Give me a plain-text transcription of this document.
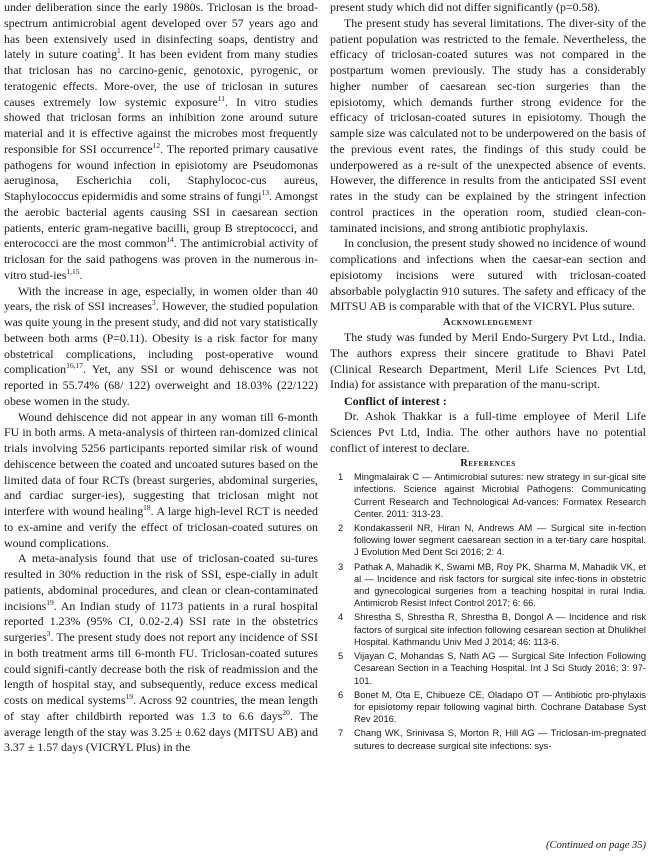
under deliberation since the early 1980s. Triclosan is the broad-spectrum antimicrobial agent developed over 57 years ago and has been extensively used in disinfecting soaps, dentistry and lately in suture coating$^1$. It has been evident from many studies that triclosan has no carcino-genic, genotoxic, pyrogenic, or teratogenic effects. More-over, the use of triclosan in sutures causes extremely low systemic exposure$^{11}$. In vitro studies showed that triclosan forms an inhibition zone around suture material and it is effective against the microbes most frequently responsible for SSI occurrence$^{12}$. The reported primary causative pathogens for wound infection in episiotomy are Pseudomonas aeruginosa, Escherichia coli, Staphylococ-cus aureus, Staphylococcus epidermidis and some strains of fungi$^{13}$. Amongst the aerobic bacterial agents causing SSI in caesarean section patients, enteric gram-negative bacilli, group B streptococci, and enterococci are the most common$^{14}$. The antimicrobial activity of triclosan for the said pathogens was proven in the numerous in-vitro stud-ies$^{1,15}$.

With the increase in age, especially, in women older than 40 years, the risk of SSI increases$^3$. However, the studied population was quite young in the present study, and did not vary statistically between both arms (P=0.11). Obesity is a risk factor for many obstetrical complications, including post-operative wound complication$^{16,17}$. Yet, any SSI or wound dehiscence was not reported in 55.74% (68/ 122) overweight and 18.03% (22/122) obese women in the study.

Wound dehiscence did not appear in any woman till 6-month FU in both arms. A meta-analysis of thirteen ran-domized clinical trials involving 5256 participants reported similar risk of wound dehiscence between the coated and uncoated sutures based on the limited data of four RCTs (breast surgeries, abdominal surgeries, and cardiac surger-ies), suggesting that triclosan might not interfere with wound healing$^{18}$. A large high-level RCT is needed to ex-amine and verify the effect of triclosan-coated sutures on wound complications.

A meta-analysis found that use of triclosan-coated su-tures resulted in 30% reduction in the risk of SSI, espe-cially in adult patients, abdominal procedures, and clean or clean-contaminated incisions$^{19}$. An Indian study of 1173 patients in a rural hospital reported 1.23% (95% CI, 0.02-2.4) SSI rate in the obstetrics surgeries$^3$. The present study does not report any incidence of SSI in both treatment arms till 6-month FU. Triclosan-coated sutures could signifi-cantly decrease both the risk of readmission and the length of hospital stay, and subsequently, reduce excess medical costs on medical systems$^{19}$. Across 92 countries, the mean length of stay after childbirth reported was 1.3 to 6.6 days$^{20}$. The average length of the stay was 3.25 ± 0.62 days (MITSU AB) and 3.37 ± 1.57 days (VICRYL Plus) in the

present study which did not differ significantly (p=0.58).

The present study has several limitations. The diver-sity of the patient population was restricted to the female. Nevertheless, the efficacy of triclosan-coated sutures was not compared in the postpartum women previously. The study has a considerably higher number of caesarean sec-tion surgeries than the episiotomy, which demands further strong evidence for the efficacy of triclosan-coated sutures in episiotomy. Though the sample size was calculated not to be underpowered on the basis of the previous event rates, the findings of this study could be underpowered as a re-sult of the unexpected absence of events. However, the difference in results from the anticipated SSI event rates in the study can be explained by the stringent infection control practices in the operation room, studied clean-con-taminated incisions, and strong antibiotic prophylaxis.

In conclusion, the present study showed no incidence of wound complications and infections when the caesar-ean section and episiotomy incisions were sutured with triclosan-coated absorbable polyglactin 910 sutures. The safety and efficacy of the MITSU AB is comparable with that of the VICRYL Plus suture.

Acknowledgement

The study was funded by Meril Endo-Surgery Pvt Ltd., India. The authors express their sincere gratitude to Bhavi Patel (Clinical Research Department, Meril Life Sciences Pvt Ltd, India) for assistance with preparation of the manu-script.

Conflict of interest :

Dr. Ashok Thakkar is a full-time employee of Meril Life Sciences Pvt Ltd, India. The other authors have no potential conflict of interest to declare.

References

1 Mingmalairak C — Antimicrobial sutures: new strategy in sur-gical site infections. Science against Microbial Pathogens: Communicating Current Research and Technological Ad-vances: Formatex Research Center. 2011: 313-23.
2 Kondakasseril NR, Hiran N, Andrews AM — Surgical site in-fection following lower segment caesarean section in a ter-tiary care hospital. J Evolution Med Dent Sci 2016; 2: 4.
3 Pathak A, Mahadik K, Swami MB, Roy PK, Sharma M, Mahadik VK, et al — Incidence and risk factors for surgical site infec-tions in obstetric and gynecological surgeries from a teaching hospital in rural India. Antimicrob Resist Infect Control 2017; 6: 66.
4 Shrestha S, Shrestha R, Shrestha B, Dongol A — Incidence and risk factors of surgical site infection following cesarean section at Dhulikhel Hospital. Kathmandu Univ Med J 2014; 46: 113-6.
5 Vijayan C, Mohandas S, Nath AG — Surgical Site Infection Following Cesarean Section in a Teaching Hospital. Int J Sci Study 2016; 3: 97-101.
6 Bonet M, Ota E, Chibueze CE, Oladapo OT — Antibiotic pro-phylaxis for episiotomy repair following vaginal birth. Cochrane Database Syst Rev 2016.
7 Chang WK, Srinivasa S, Morton R, Hill AG — Triclosan-im-pregnated sutures to decrease surgical site infections: sys-
(Continued on page 35)
